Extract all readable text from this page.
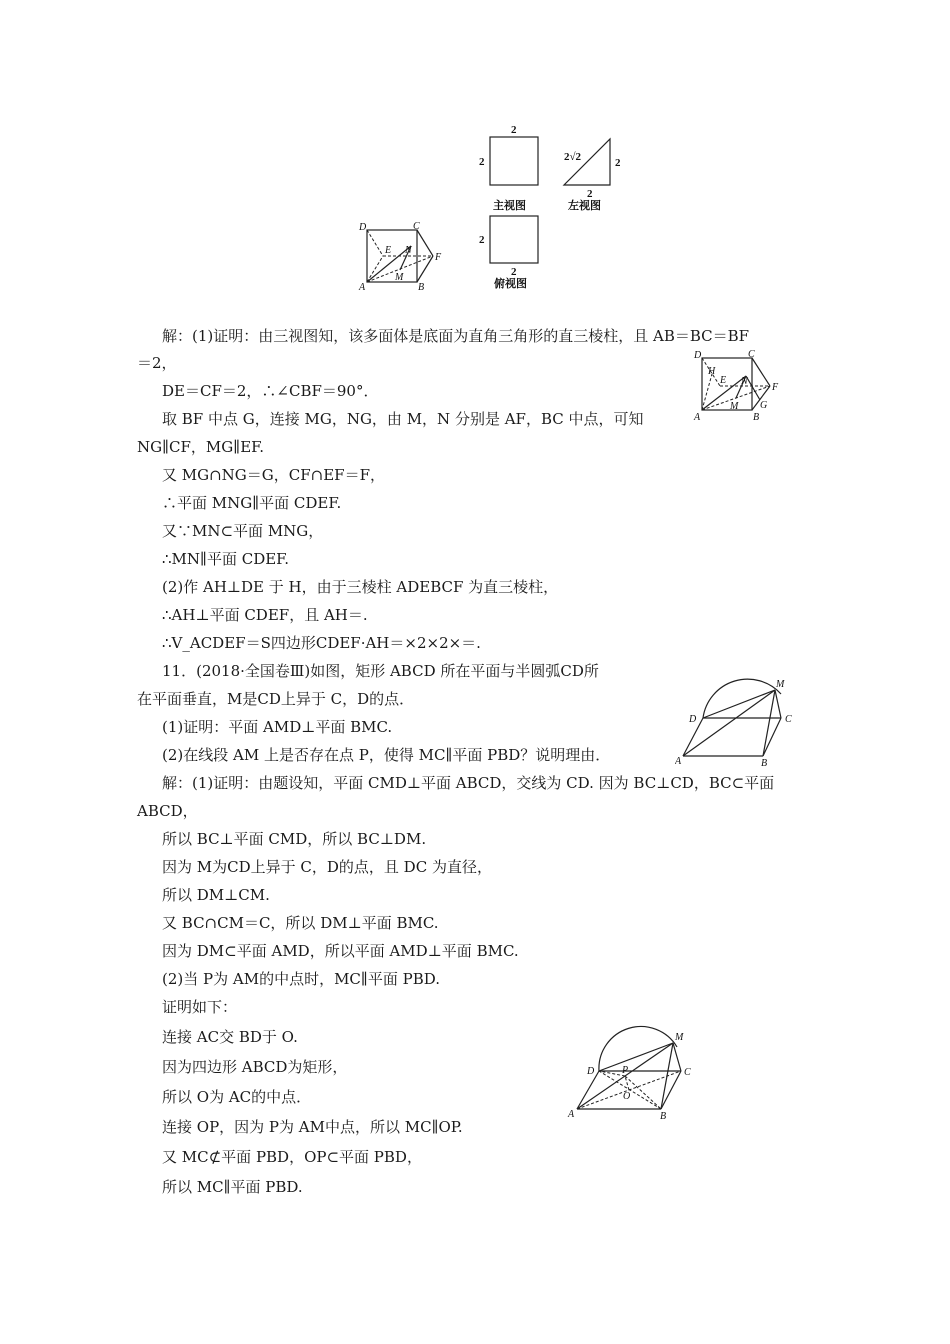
2
2
主视图
2√2	2
2
左视图
2
2
俯视图
D	C
E N
F
A
M
B
D	C
H
E N
F
A
M G
B
M
D	C
A	B
M
D	P	C
O
A	B
解：(1)证明：由三视图知，该多面体是底面为直角三角形的直三棱柱，且 AB＝BC＝BF
＝2，
DE＝CF＝2，∴∠CBF＝90°．
取 BF 中点 G，连接 MG，NG，由 M，N 分别是 AF，BC 中点，可知
NG∥CF，MG∥EF.
又 MG∩NG＝G，CF∩EF＝F，
∴平面 MNG∥平面 CDEF.
又∵MN⊂平面 MNG，
∴MN∥平面 CDEF.
(2)作 AH⊥DE 于 H，由于三棱柱 ADEBCF 为直三棱柱，
∴AH⊥平面 CDEF，且 AH＝.
∴V_ACDEF＝S四边形CDEF·AH＝×2×2×＝.
11．(2018·全国卷Ⅲ)如图，矩形 ABCD 所在平面与半圆弧CD所
在平面垂直，M是CD上异于 C，D的点．
(1)证明：平面 AMD⊥平面 BMC.
(2)在线段 AM 上是否存在点 P，使得 MC∥平面 PBD？说明理由．
解：(1)证明：由题设知，平面 CMD⊥平面 ABCD，交线为 CD. 因为 BC⊥CD，BC⊂平面
ABCD，
所以 BC⊥平面 CMD，所以 BC⊥DM.
因为 M为CD上异于 C，D的点，且 DC 为直径，
所以 DM⊥CM.
又 BC∩CM＝C，所以 DM⊥平面 BMC.
因为 DM⊂平面 AMD，所以平面 AMD⊥平面 BMC.
(2)当 P为 AM的中点时，MC∥平面 PBD.
证明如下：
连接 AC交 BD于 O.
因为四边形 ABCD为矩形，
所以 O为 AC的中点．
连接 OP，因为 P为 AM中点，所以 MC∥OP.
又 MC⊄平面 PBD，OP⊂平面 PBD，
所以 MC∥平面 PBD.
